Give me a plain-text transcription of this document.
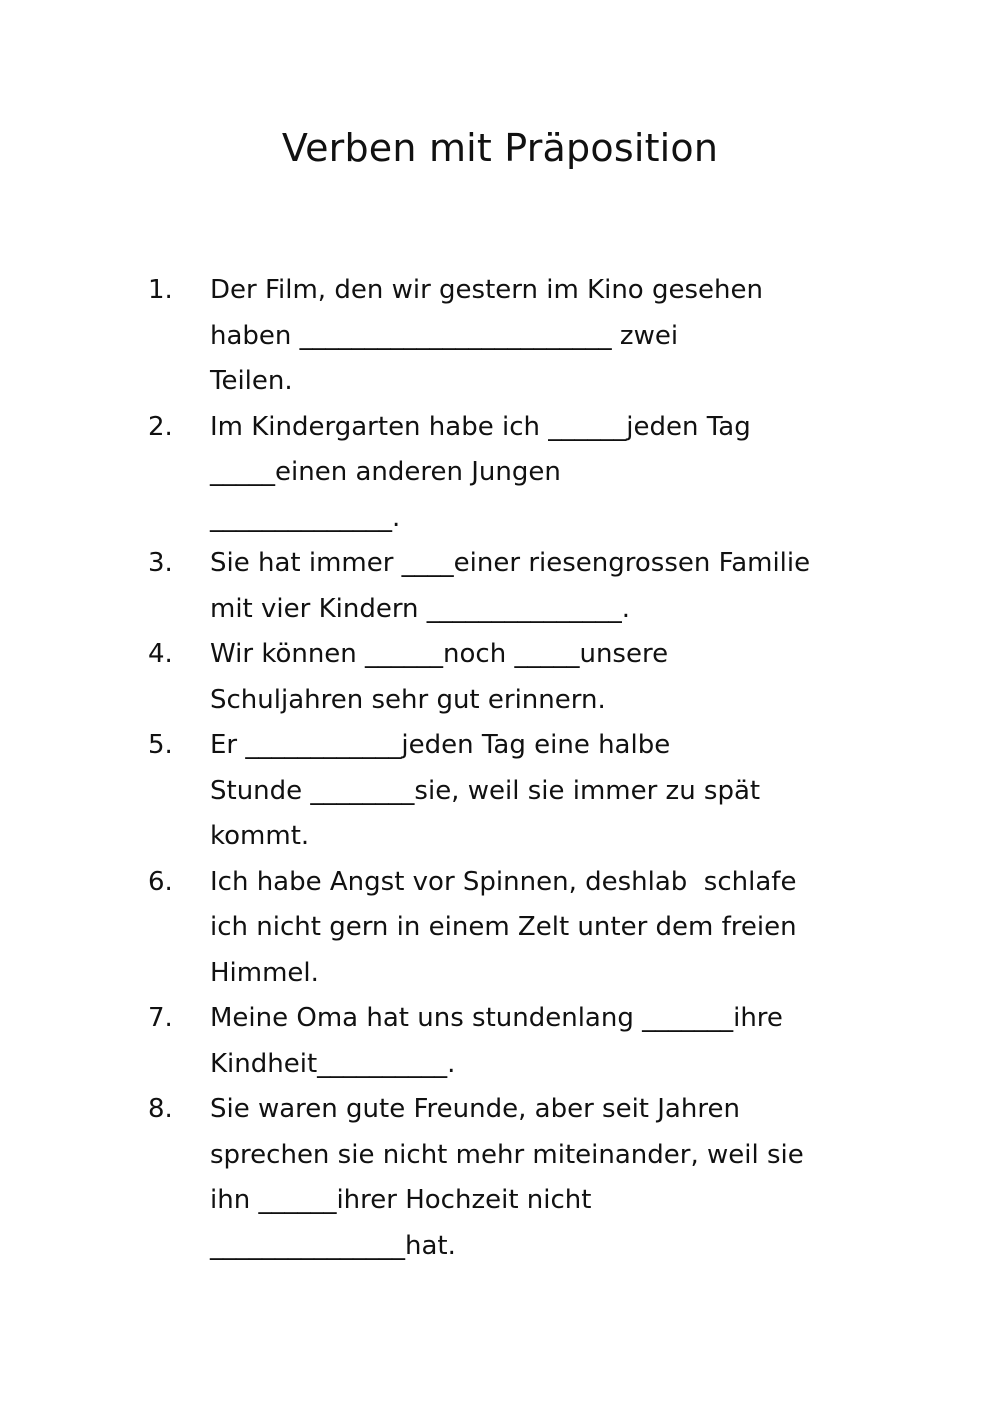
Verben mit Präposition
1. Der Film, den wir gestern im Kino gesehen
haben ________________________ zwei
Teilen.
2. Im Kindergarten habe ich ______jeden Tag
_____einen anderen Jungen
______________.
3. Sie hat immer ____einer riesengrossen Familie
mit vier Kindern _______________.
4. Wir können ______noch _____unsere
Schuljahren sehr gut erinnern.
5. Er ____________jeden Tag eine halbe
Stunde ________sie, weil sie immer zu spät
kommt.
6. Ich habe Angst vor Spinnen, deshlab  schlafe
ich nicht gern in einem Zelt unter dem freien
Himmel.
7. Meine Oma hat uns stundenlang _______ihre
Kindheit__________.
8. Sie waren gute Freunde, aber seit Jahren
sprechen sie nicht mehr miteinander, weil sie
ihn ______ihrer Hochzeit nicht
_______________hat.
